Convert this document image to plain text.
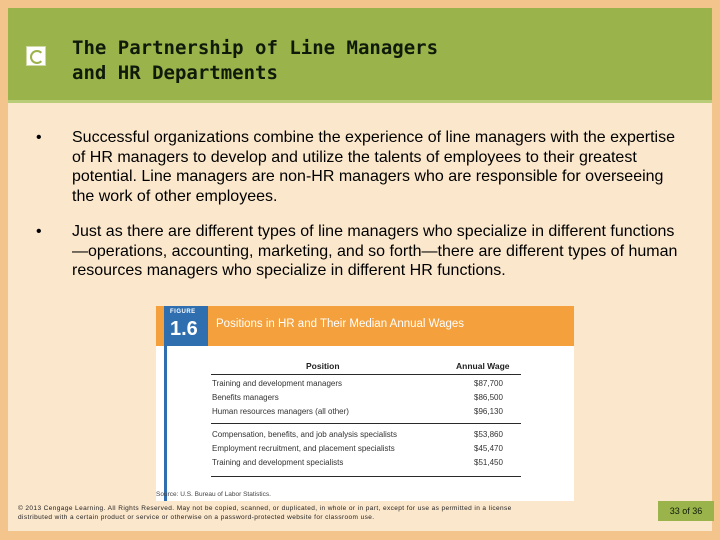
The Partnership of Line Managers
and HR Departments
• Successful organizations combine the experience of line managers with the expertise of HR managers to develop and utilize the talents of employees to their greatest potential. Line managers are non-HR managers who are responsible for overseeing the work of other employees.
• Just as there are different types of line managers who specialize in different functions—operations, accounting, marketing, and so forth—there are different types of human resources managers who specialize in different HR functions.
FIGURE
1.6 Positions in HR and Their Median Annual Wages
Position	Annual Wage
Training and development managers	$87,700
Benefits managers	$86,500
Human resources managers (all other)	$96,130
Compensation, benefits, and job analysis specialists	$53,860
Employment recruitment, and placement specialists	$45,470
Training and development specialists	$51,450
Source: U.S. Bureau of Labor Statistics.
© 2013 Cengage Learning. All Rights Reserved. May not be copied, scanned, or duplicated, in whole or in part, except for use as permitted in a license distributed with a certain product or service or otherwise on a password-protected website for classroom use.
33 of 36
